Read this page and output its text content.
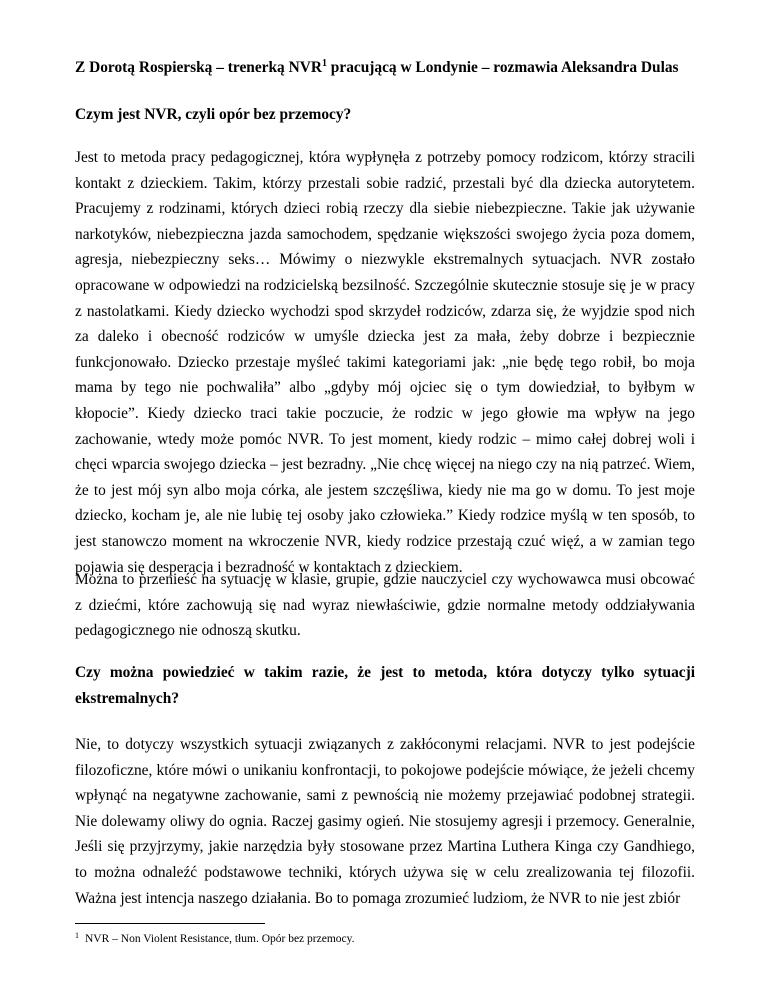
Z Dorotą Rospierską – trenerką NVR$^1$ pracującą w Londynie – rozmawia Aleksandra Dulas

Czym jest NVR, czyli opór bez przemocy?

Jest to metoda pracy pedagogicznej, która wypłynęła z potrzeby pomocy rodzicom, którzy stracili kontakt z dzieckiem. Takim, którzy przestali sobie radzić, przestali być dla dziecka autorytetem. Pracujemy z rodzinami, których dzieci robią rzeczy dla siebie niebezpieczne. Takie jak używanie narkotyków, niebezpieczna jazda samochodem, spędzanie większości swojego życia poza domem, agresja, niebezpieczny seks… Mówimy o niezwykle ekstremalnych sytuacjach. NVR zostało opracowane w odpowiedzi na rodzicielską bezsilność. Szczególnie skutecznie stosuje się je w pracy z nastolatkami. Kiedy dziecko wychodzi spod skrzydeł rodziców, zdarza się, że wyjdzie spod nich za daleko i obecność rodziców w umyśle dziecka jest za mała, żeby dobrze i bezpiecznie funkcjonowało. Dziecko przestaje myśleć takimi kategoriami jak: „nie będę tego robił, bo moja mama by tego nie pochwaliła” albo „gdyby mój ojciec się o tym dowiedział, to byłbym w kłopocie”. Kiedy dziecko traci takie poczucie, że rodzic w jego głowie ma wpływ na jego zachowanie, wtedy może pomóc NVR. To jest moment, kiedy rodzic – mimo całej dobrej woli i chęci wparcia swojego dziecka – jest bezradny. „Nie chcę więcej na niego czy na nią patrzeć. Wiem, że to jest mój syn albo moja córka, ale jestem szczęśliwa, kiedy nie ma go w domu. To jest moje dziecko, kocham je, ale nie lubię tej osoby jako człowieka.” Kiedy rodzice myślą w ten sposób, to jest stanowczo moment na wkroczenie NVR, kiedy rodzice przestają czuć więź, a w zamian tego pojawia się desperacja i bezradność w kontaktach z dzieckiem.

Można to przenieść na sytuację w klasie, grupie, gdzie nauczyciel czy wychowawca musi obcować z dziećmi, które zachowują się nad wyraz niewłaściwie, gdzie normalne metody oddziaływania pedagogicznego nie odnoszą skutku.

Czy można powiedzieć w takim razie, że jest to metoda, która dotyczy tylko sytuacji ekstremalnych?

Nie, to dotyczy wszystkich sytuacji związanych z zakłóconymi relacjami. NVR to jest podejście filozoficzne, które mówi o unikaniu konfrontacji, to pokojowe podejście mówiące, że jeżeli chcemy wpłynąć na negatywne zachowanie, sami z pewnością nie możemy przejawiać podobnej strategii. Nie dolewamy oliwy do ognia. Raczej gasimy ogień. Nie stosujemy agresji i przemocy. Generalnie, Jeśli się przyjrzymy, jakie narzędzia były stosowane przez Martina Luthera Kinga czy Gandhiego, to można odnaleźć podstawowe techniki, których używa się w celu zrealizowania tej filozofii. Ważna jest intencja naszego działania. Bo to pomaga zrozumieć ludziom, że NVR to nie jest zbiór

$^1$ NVR – Non Violent Resistance, tłum. Opór bez przemocy.
